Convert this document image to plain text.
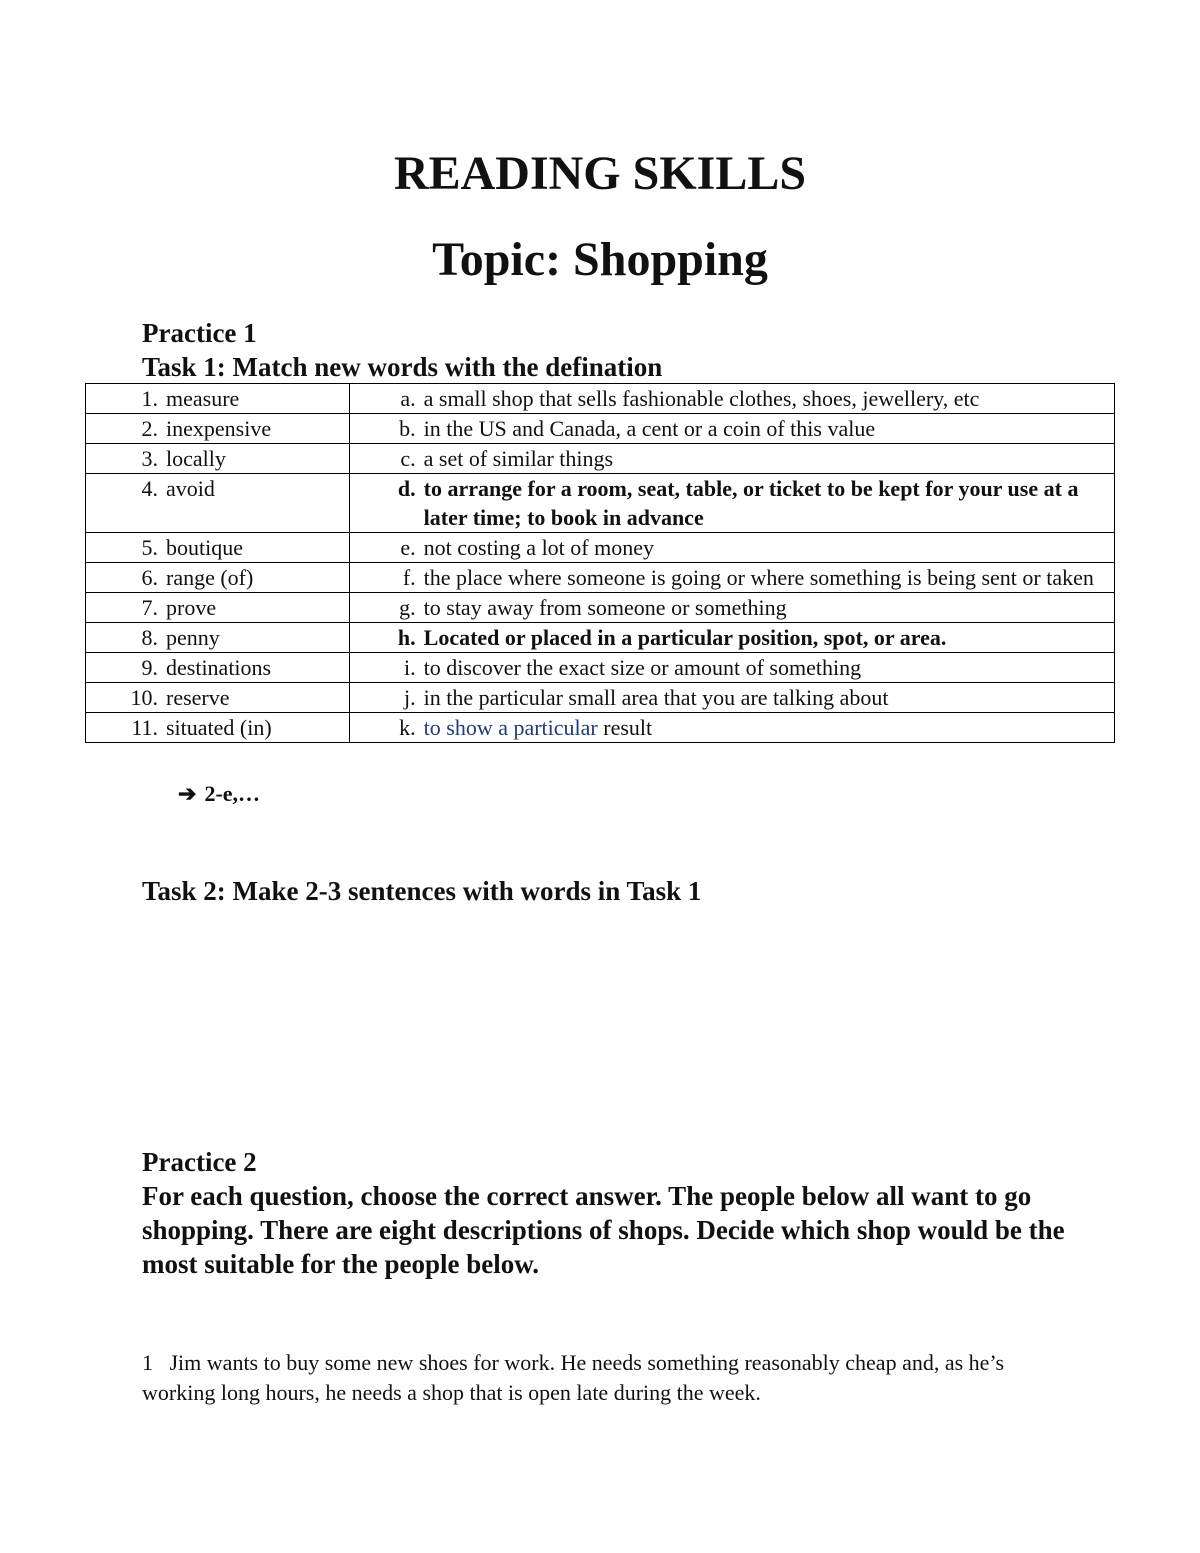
READING SKILLS
Topic: Shopping

Practice 1

Task 1: Match new words with the defination

1. measure	a. a small shop that sells fashionable clothes, shoes, jewellery, etc

2. inexpensive	b. in the US and Canada, a cent or a coin of this value

3. locally	c. a set of similar things

4. avoid	d. to arrange for a room, seat, table, or ticket to be kept for your use at a later time; to book in advance

5. boutique	e. not costing a lot of money

6. range (of)	f. the place where someone is going or where something is being sent or taken

7. prove	g. to stay away from someone or something

8. penny	h. Located or placed in a particular position, spot, or area.

9. destinations	i. to discover the exact size or amount of something

10. reserve	j. in the particular small area that you are talking about

11. situated (in)	k. to show a particular result
➔ 2-e,…

Task 2: Make 2-3 sentences with words in Task 1

Practice 2

For each question, choose the correct answer. The people below all want to go shopping. There are eight descriptions of shops. Decide which shop would be the most suitable for the people below.

1   Jim wants to buy some new shoes for work. He needs something reasonably cheap and, as he’s working long hours, he needs a shop that is open late during the week.
